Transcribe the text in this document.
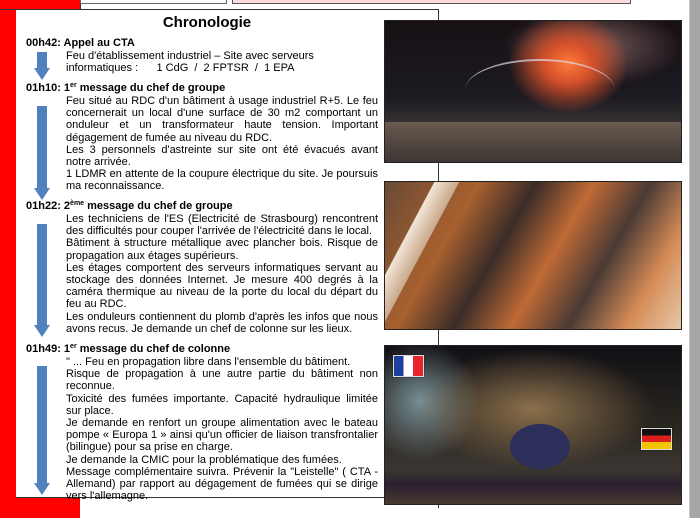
Chronologie
00h42: Appel au CTA

Feu d'établissement industriel – Site avec serveurs

informatiques :      1 CdG  /  2 FPTSR  /  1 EPA

01h10: 1er message du chef de groupe

Feu situé au RDC d'un bâtiment à usage industriel R+5. Le feu concernerait un local d'une surface de 30 m2 comportant un onduleur et un transformateur haute tension. Important dégagement de fumée au niveau du RDC.

Les 3 personnels d'astreinte sur site ont été évacués avant notre arrivée.

1 LDMR en attente de la coupure électrique du site. Je poursuis ma reconnaissance.

01h22: 2ème message du chef de groupe

Les techniciens de l'ES (Electricité de Strasbourg) rencontrent des difficultés pour couper l'arrivée de l'électricité dans le local.

Bâtiment à structure métallique avec plancher bois. Risque de propagation aux étages supérieurs.

Les étages comportent des serveurs informatiques servant au stockage des données Internet. Je mesure 400 degrés à la caméra thermique au niveau de la porte du local du départ du feu au RDC.

Les onduleurs contiennent du plomb d'après les infos que nous avons recus. Je demande un chef de colonne sur les lieux.

01h49: 1er message du chef de colonne

" ... Feu en propagation libre dans l'ensemble du bâtiment.

Risque de propagation à une autre partie du bâtiment non reconnue.

Toxicité des fumées importante. Capacité hydraulique limitée sur place.

Je demande en renfort un groupe alimentation avec le bateau pompe « Europa 1 » ainsi qu'un officier de liaison transfrontalier (bilingue) pour sa prise en charge.

Je demande la CMIC pour la problématique des fumées.

Message complémentaire suivra. Prévenir la "Leistelle" ( CTA - Allemand) par rapport au dégagement de fumées qui se dirige vers l'allemagne.
